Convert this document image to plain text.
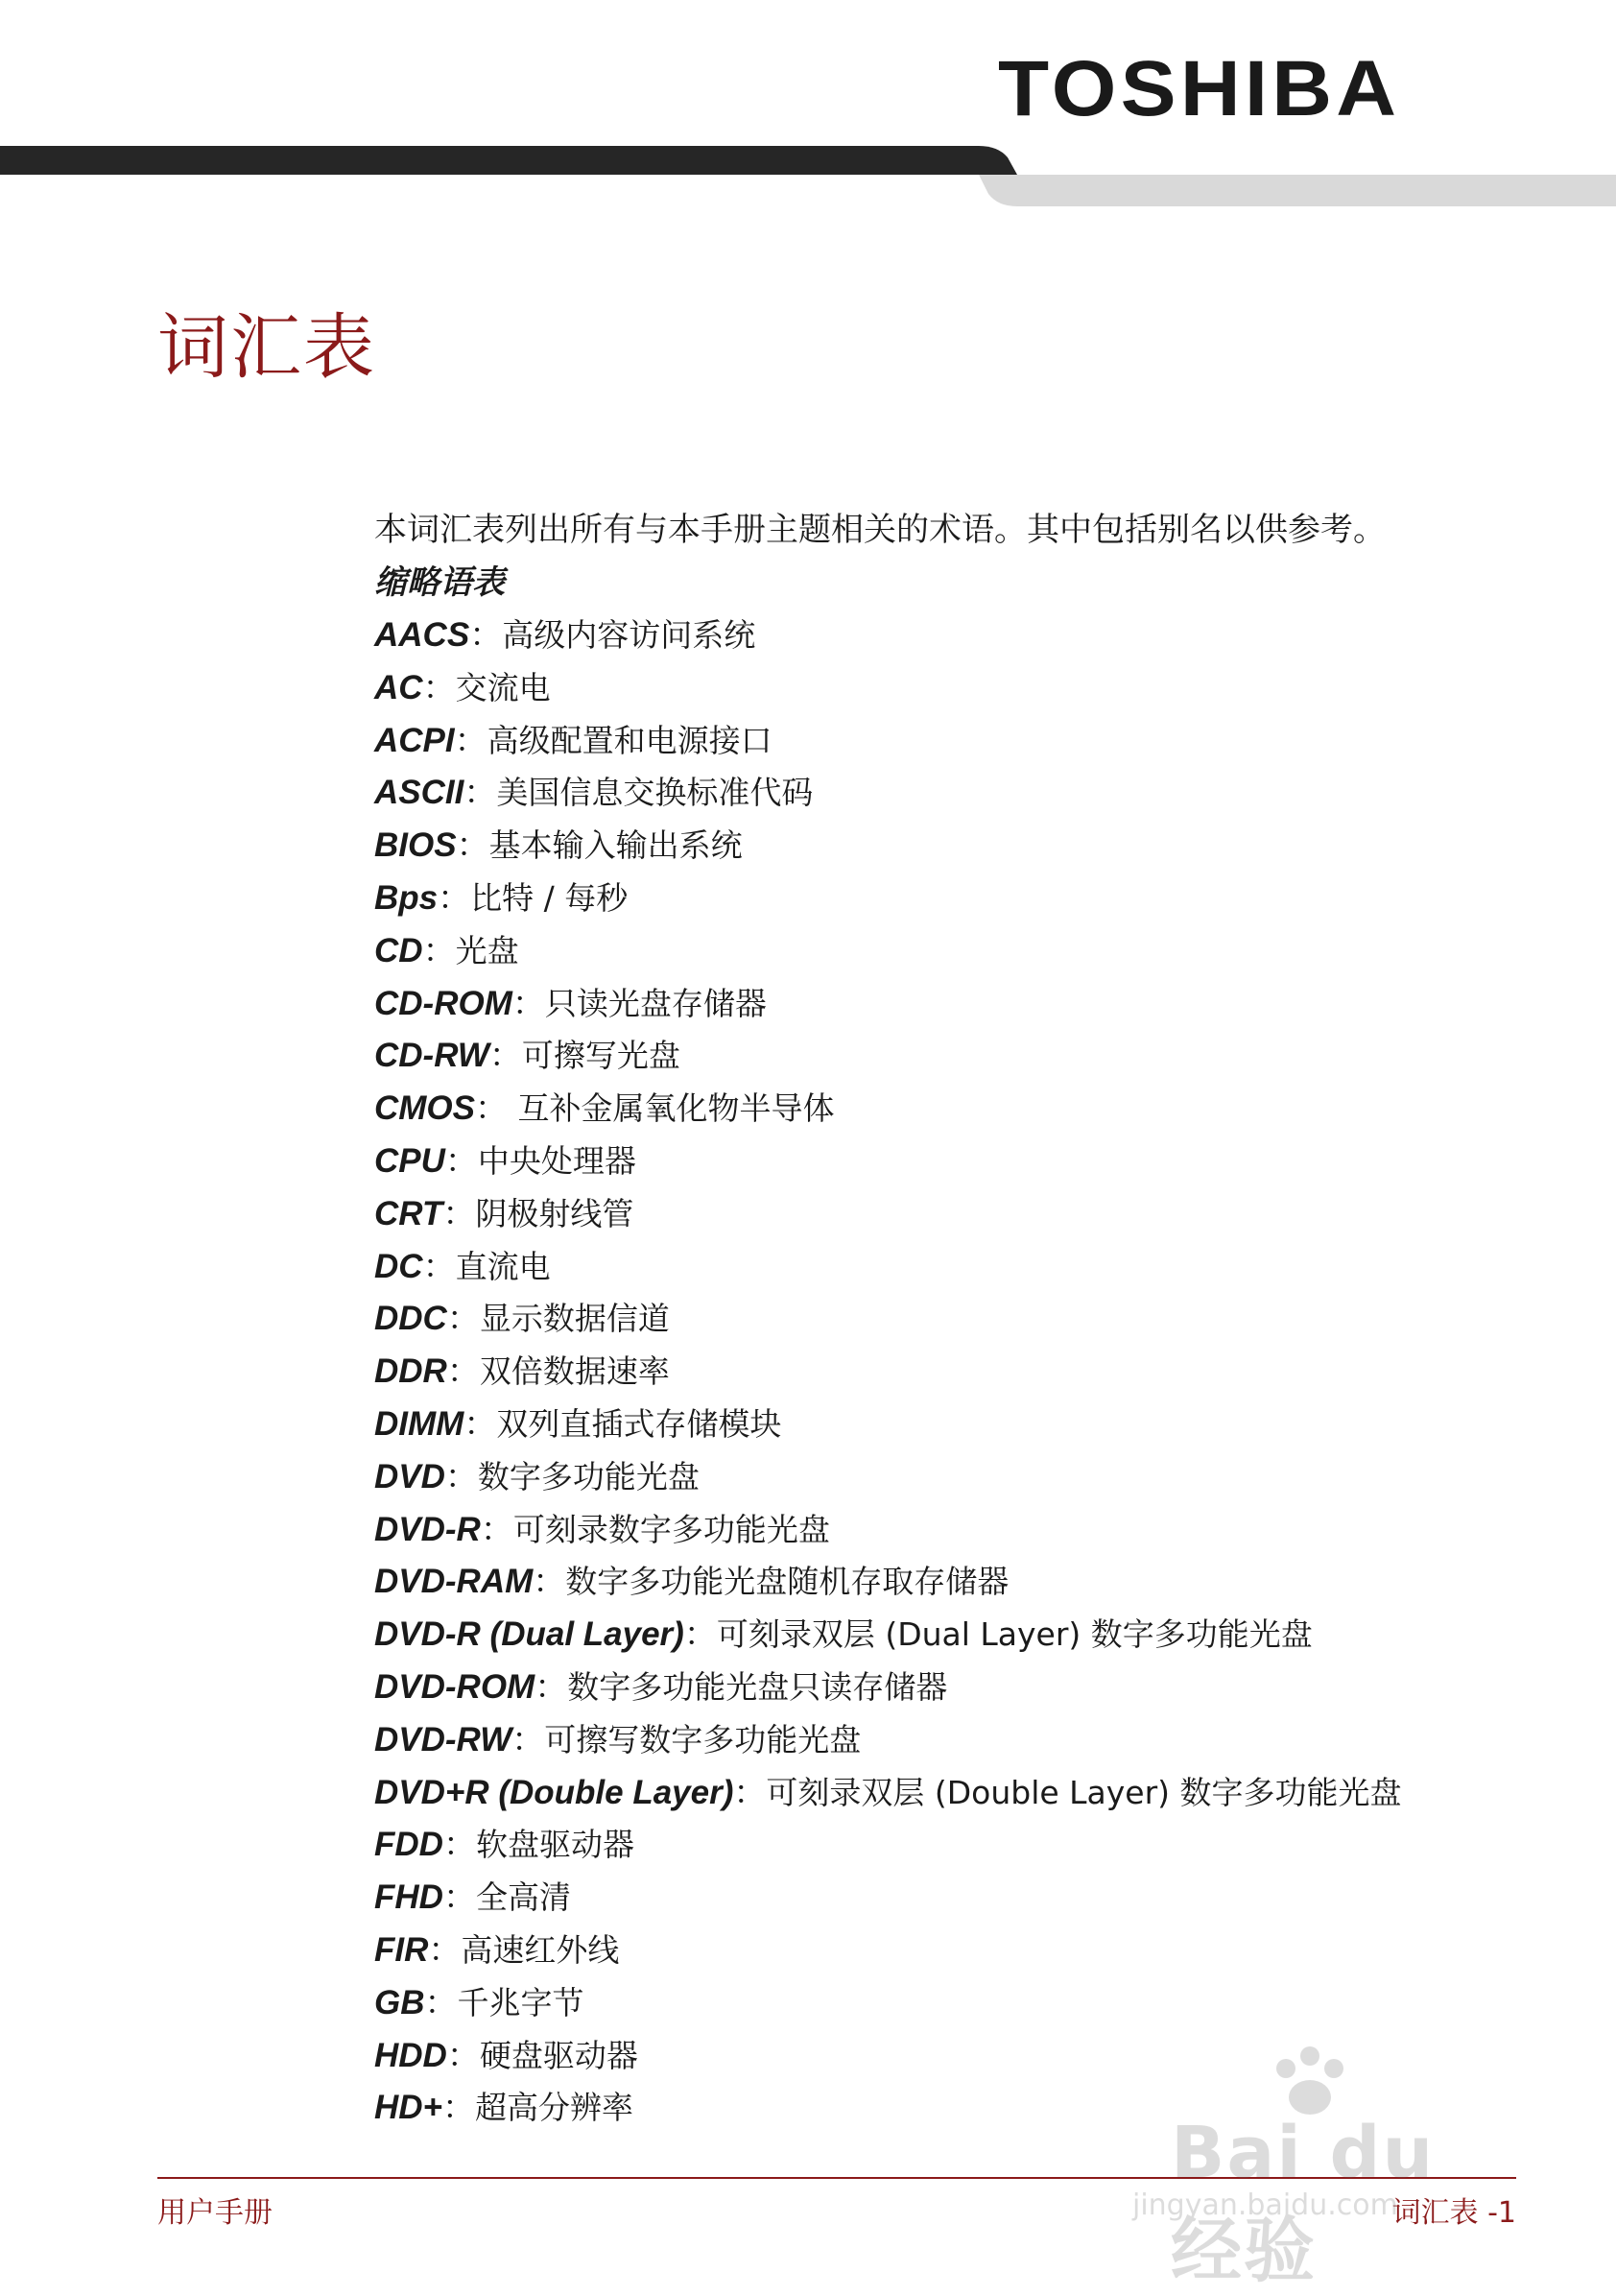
TOSHIBA
词汇表
本词汇表列出所有与本手册主题相关的术语。其中包括别名以供参考。
缩略语表
AACS：高级内容访问系统
AC：交流电
ACPI：高级配置和电源接口
ASCII：美国信息交换标准代码
BIOS：基本输入输出系统
Bps：比特 / 每秒
CD：光盘
CD-ROM：只读光盘存储器
CD-RW：可擦写光盘
CMOS： 互补金属氧化物半导体
CPU：中央处理器
CRT：阴极射线管
DC：直流电
DDC：显示数据信道
DDR：双倍数据速率
DIMM：双列直插式存储模块
DVD：数字多功能光盘
DVD-R：可刻录数字多功能光盘
DVD-RAM：数字多功能光盘随机存取存储器
DVD-R (Dual Layer)：可刻录双层 (Dual Layer) 数字多功能光盘
DVD-ROM：数字多功能光盘只读存储器
DVD-RW：可擦写数字多功能光盘
DVD+R (Double Layer)：可刻录双层 (Double Layer) 数字多功能光盘
FDD：软盘驱动器
FHD：全高清
FIR：高速红外线
GB：千兆字节
HDD：硬盘驱动器
HD+：超高分辨率
用户手册	词汇表 -1
Bai du 经验
jingyan.baidu.com
